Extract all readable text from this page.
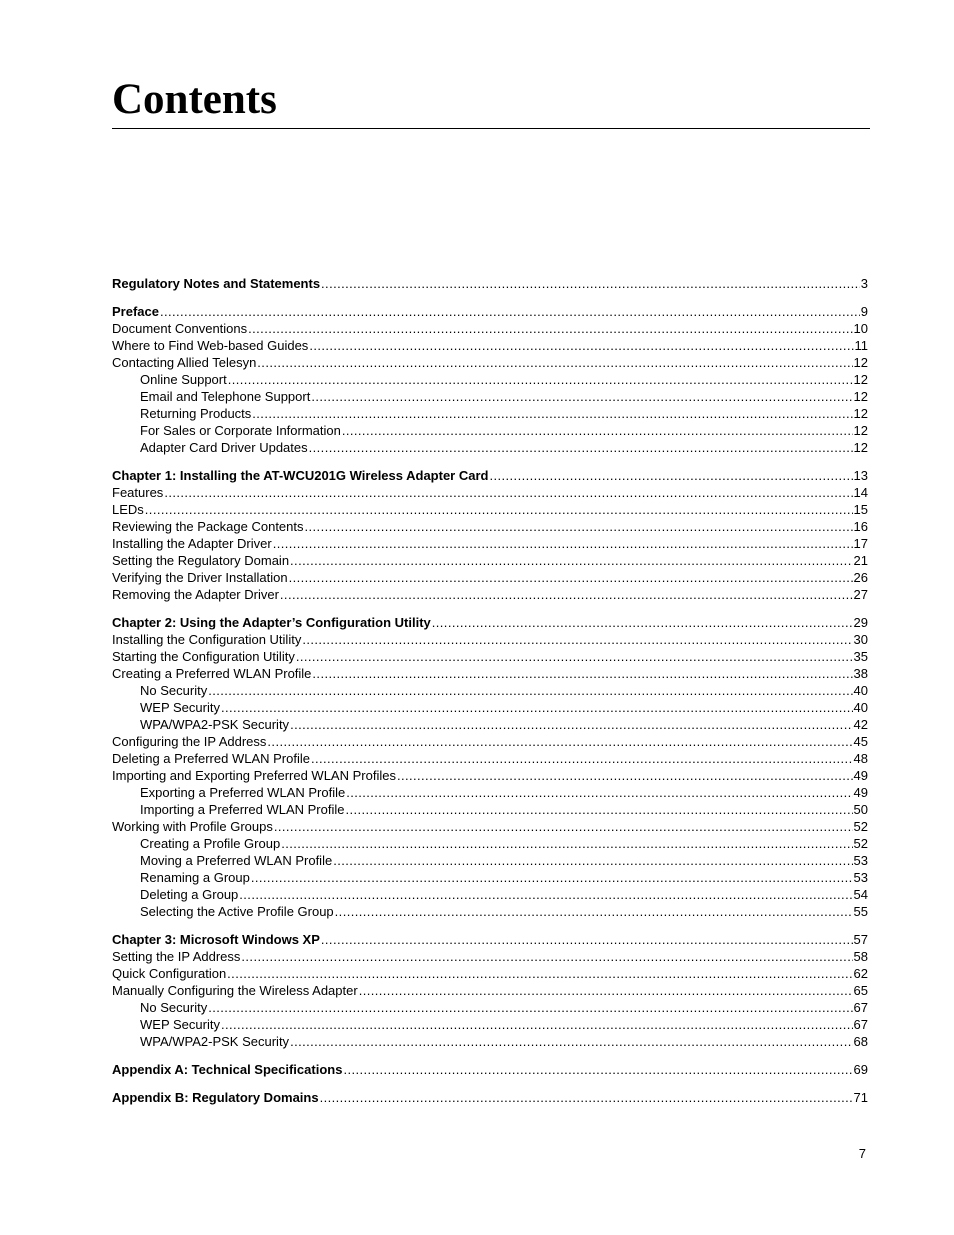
Contents
Regulatory Notes and Statements .....	3
Preface .....	9
Document Conventions .....	10
Where to Find Web-based Guides .....	11
Contacting Allied Telesyn .....	12
Online Support .....	12
Email and Telephone Support .....	12
Returning Products .....	12
For Sales or Corporate Information .....	12
Adapter Card Driver Updates .....	12
Chapter 1: Installing the AT-WCU201G Wireless Adapter Card .....	13
Features .....	14
LEDs .....	15
Reviewing the Package Contents .....	16
Installing the Adapter Driver .....	17
Setting the Regulatory Domain .....	21
Verifying the Driver Installation .....	26
Removing the Adapter Driver .....	27
Chapter 2: Using the Adapter’s Configuration Utility .....	29
Installing the Configuration Utility .....	30
Starting the Configuration Utility .....	35
Creating a Preferred WLAN Profile .....	38
No Security .....	40
WEP Security .....	40
WPA/WPA2-PSK Security .....	42
Configuring the IP Address .....	45
Deleting a Preferred WLAN Profile .....	48
Importing and Exporting Preferred WLAN Profiles .....	49
Exporting a Preferred WLAN Profile .....	49
Importing a Preferred WLAN Profile .....	50
Working with Profile Groups .....	52
Creating a Profile Group .....	52
Moving a Preferred WLAN Profile .....	53
Renaming a Group .....	53
Deleting a Group .....	54
Selecting the Active Profile Group .....	55
Chapter 3: Microsoft Windows XP .....	57
Setting the IP Address .....	58
Quick Configuration .....	62
Manually Configuring the Wireless Adapter .....	65
No Security .....	67
WEP Security .....	67
WPA/WPA2-PSK Security .....	68
Appendix A: Technical Specifications .....	69
Appendix B: Regulatory Domains .....	71
7
